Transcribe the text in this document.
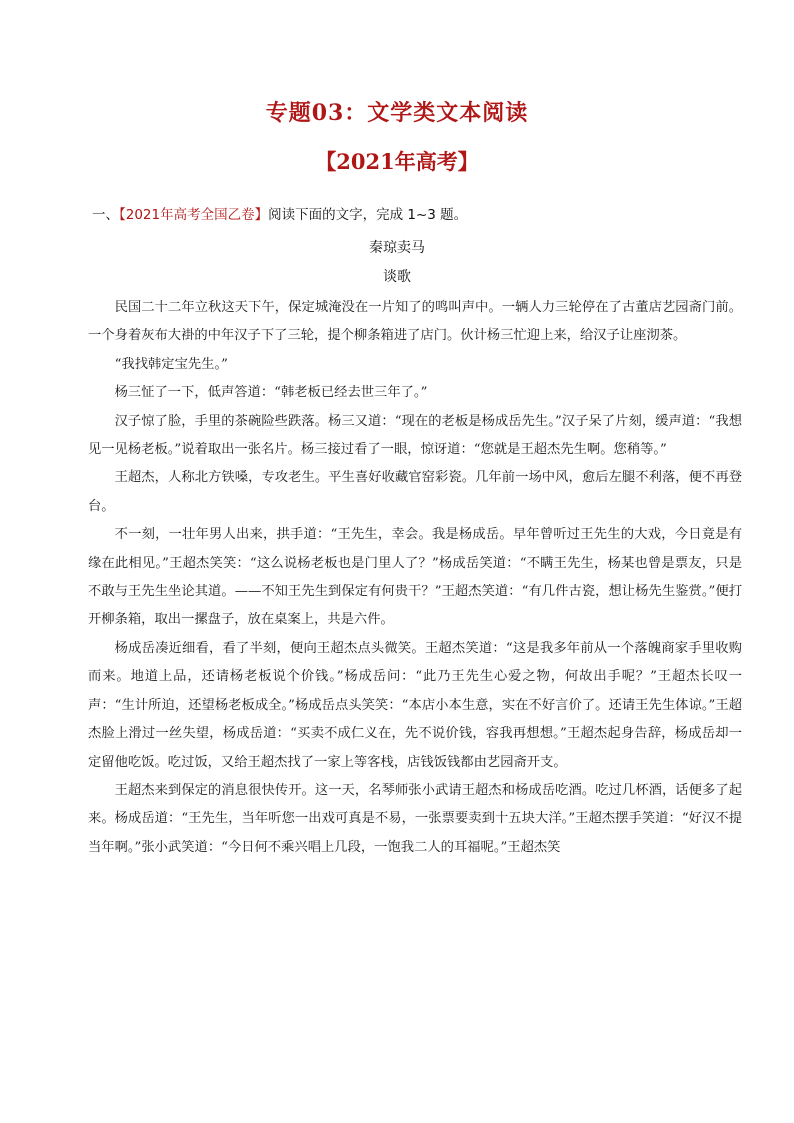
专题03：文学类文本阅读
【2021年高考】
一、【2021年高考全国乙卷】阅读下面的文字，完成 1~3 题。
秦琼卖马
谈歌

民国二十二年立秋这天下午，保定城淹没在一片知了的鸣叫声中。一辆人力三轮停在了古董店艺园斋门前。一个身着灰布大褂的中年汉子下了三轮，提个柳条箱进了店门。伙计杨三忙迎上来，给汉子让座沏茶。

“我找韩定宝先生。”

杨三怔了一下，低声答道：“韩老板已经去世三年了。”

汉子惊了脸，手里的茶碗险些跌落。杨三又道：“现在的老板是杨成岳先生。”汉子呆了片刻，缓声道：“我想见一见杨老板。”说着取出一张名片。杨三接过看了一眼，惊讶道：“您就是王超杰先生啊。您稍等。”

王超杰，人称北方铁嗓，专攻老生。平生喜好收藏官窑彩瓷。几年前一场中风，愈后左腿不利落，便不再登台。

不一刻，一壮年男人出来，拱手道：“王先生，幸会。我是杨成岳。早年曾听过王先生的大戏，今日竟是有缘在此相见。”王超杰笑笑：“这么说杨老板也是门里人了？”杨成岳笑道：“不瞒王先生，杨某也曾是票友，只是不敢与王先生坐论其道。——不知王先生到保定有何贵干？”王超杰笑道：“有几件古瓷，想让杨先生鉴赏。”便打开柳条箱，取出一摞盘子，放在桌案上，共是六件。

杨成岳凑近细看，看了半刻，便向王超杰点头微笑。王超杰笑道：“这是我多年前从一个落魄商家手里收购而来。地道上品，还请杨老板说个价钱。”杨成岳问：“此乃王先生心爱之物，何故出手呢？”王超杰长叹一声：“生计所迫，还望杨老板成全。”杨成岳点头笑笑：“本店小本生意，实在不好言价了。还请王先生体谅。”王超杰脸上滑过一丝失望，杨成岳道：“买卖不成仁义在，先不说价钱，容我再想想。”王超杰起身告辞，杨成岳却一定留他吃饭。吃过饭，又给王超杰找了一家上等客栈，店钱饭钱都由艺园斋开支。

王超杰来到保定的消息很快传开。这一天，名琴师张小武请王超杰和杨成岳吃酒。吃过几杯酒，话便多了起来。杨成岳道：“王先生，当年听您一出戏可真是不易，一张票要卖到十五块大洋。”王超杰摆手笑道：“好汉不提当年啊。”张小武笑道：“今日何不乘兴唱上几段，一饱我二人的耳福呢。”王超杰笑
